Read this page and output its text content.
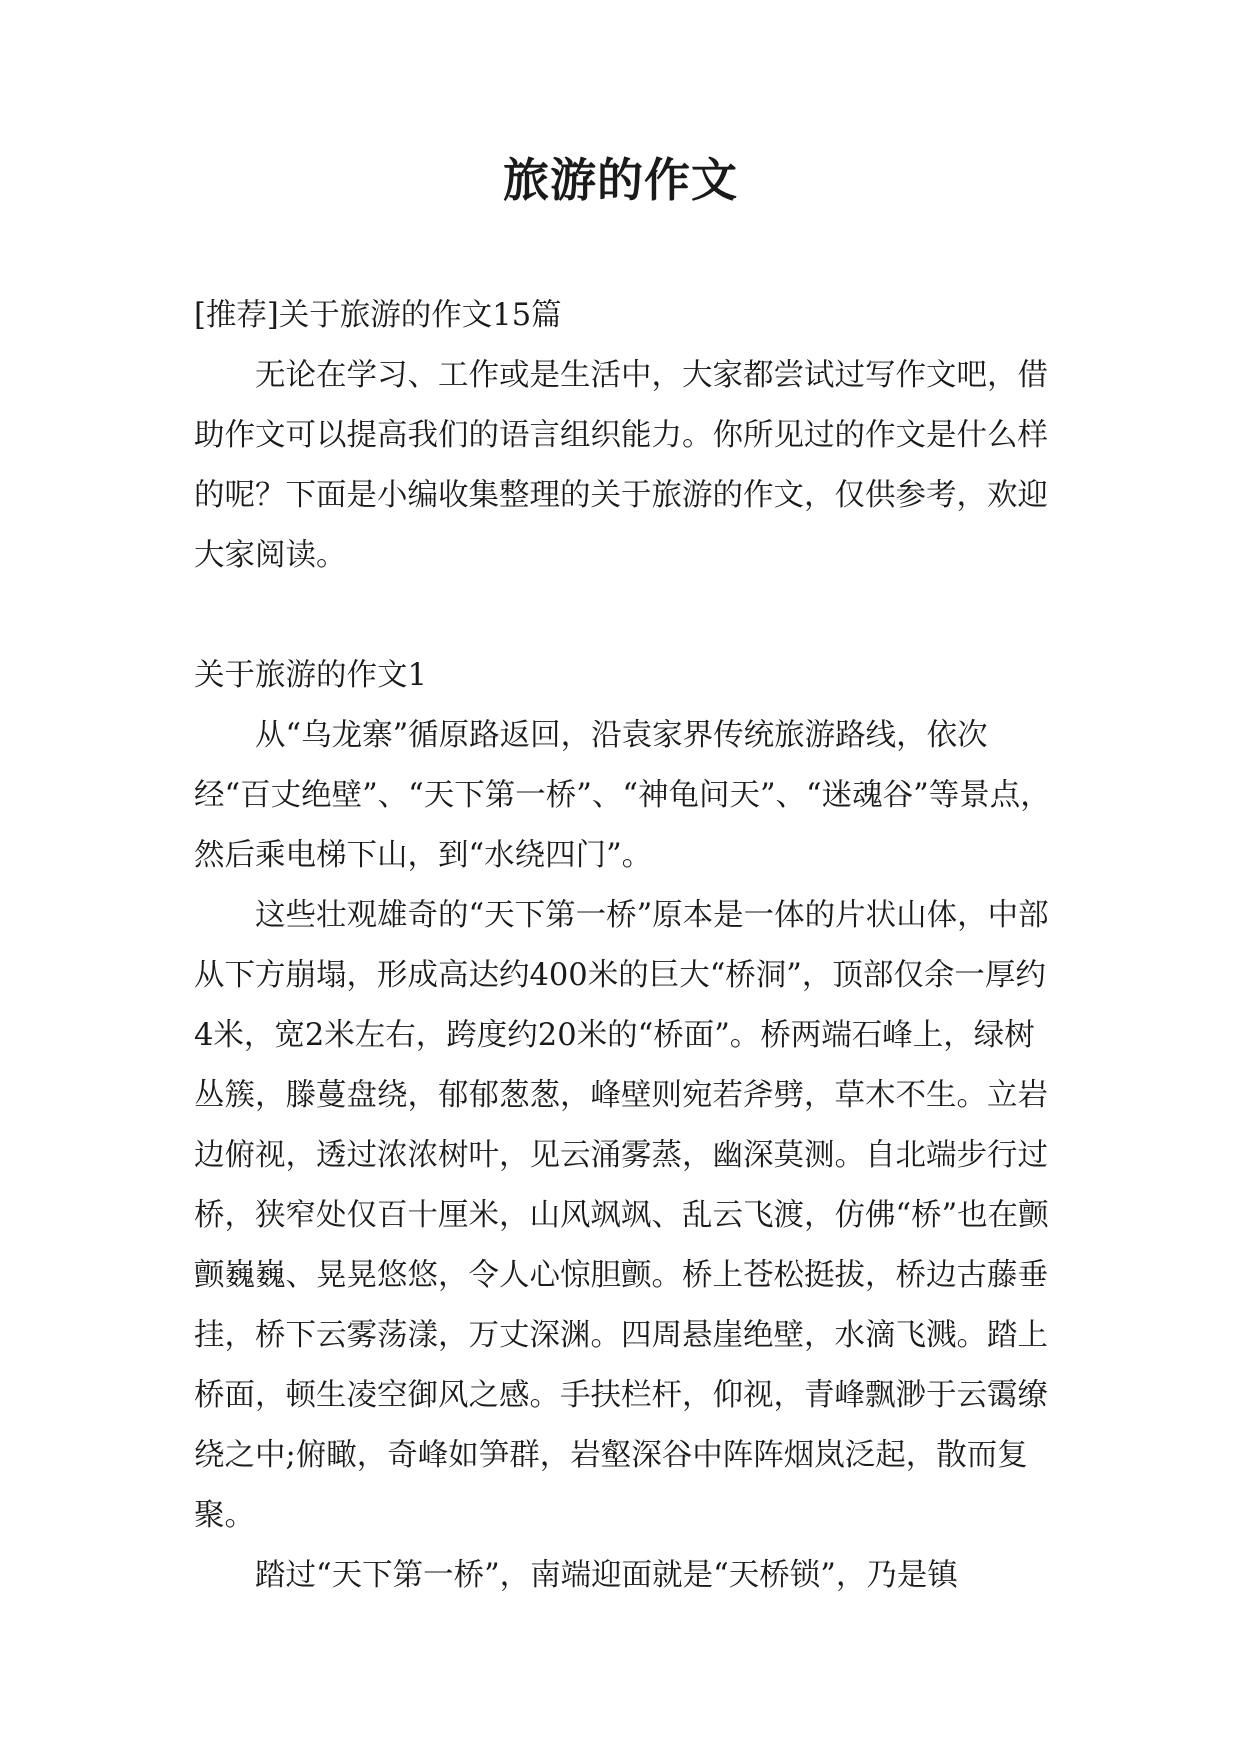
旅游的作文

[推荐]关于旅游的作文15篇

无论在学习、工作或是生活中，大家都尝试过写作文吧，借助作文可以提高我们的语言组织能力。你所见过的作文是什么样的呢？下面是小编收集整理的关于旅游的作文，仅供参考，欢迎大家阅读。

关于旅游的作文1

从“乌龙寨”循原路返回，沿袁家界传统旅游路线，依次经“百丈绝壁”、“天下第一桥”、“神龟问天”、“迷魂谷”等景点，然后乘电梯下山，到“水绕四门”。

这些壮观雄奇的“天下第一桥”原本是一体的片状山体，中部从下方崩塌，形成高达约400米的巨大“桥洞”，顶部仅余一厚约4米，宽2米左右，跨度约20米的“桥面”。桥两端石峰上，绿树丛簇，滕蔓盘绕，郁郁葱葱，峰壁则宛若斧劈，草木不生。立岩边俯视，透过浓浓树叶，见云涌雾蒸，幽深莫测。自北端步行过桥，狭窄处仅百十厘米，山风飒飒、乱云飞渡，仿佛“桥”也在颤颤巍巍、晃晃悠悠，令人心惊胆颤。桥上苍松挺拔，桥边古藤垂挂，桥下云雾荡漾，万丈深渊。四周悬崖绝壁，水滴飞溅。踏上桥面，顿生凌空御风之感。手扶栏杆，仰视，青峰飘渺于云霭缭绕之中;俯瞰，奇峰如笋群，岩壑深谷中阵阵烟岚泛起，散而复聚。

踏过“天下第一桥”，南端迎面就是“天桥锁”，乃是镇
